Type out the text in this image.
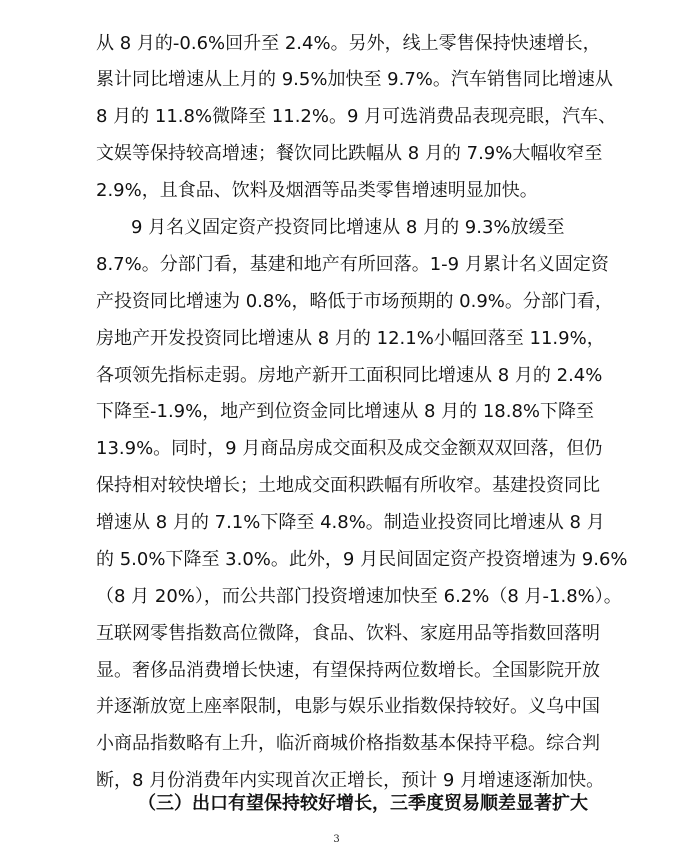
从 8 月的-0.6%回升至 2.4%。另外，线上零售保持快速增长，
累计同比增速从上月的 9.5%加快至 9.7%。汽车销售同比增速从
8 月的 11.8%微降至 11.2%。9 月可选消费品表现亮眼，汽车、
文娱等保持较高增速；餐饮同比跌幅从 8 月的 7.9%大幅收窄至
2.9%，且食品、饮料及烟酒等品类零售增速明显加快。
9 月名义固定资产投资同比增速从 8 月的 9.3%放缓至
8.7%。分部门看，基建和地产有所回落。1-9 月累计名义固定资
产投资同比增速为 0.8%，略低于市场预期的 0.9%。分部门看，
房地产开发投资同比增速从 8 月的 12.1%小幅回落至 11.9%，
各项领先指标走弱。房地产新开工面积同比增速从 8 月的 2.4%
下降至-1.9%，地产到位资金同比增速从 8 月的 18.8%下降至
13.9%。同时，9 月商品房成交面积及成交金额双双回落，但仍
保持相对较快增长；土地成交面积跌幅有所收窄。基建投资同比
增速从 8 月的 7.1%下降至 4.8%。制造业投资同比增速从 8 月
的 5.0%下降至 3.0%。此外，9 月民间固定资产投资增速为 9.6%
（8 月 20%），而公共部门投资增速加快至 6.2%（8 月-1.8%）。
互联网零售指数高位微降，食品、饮料、家庭用品等指数回落明
显。奢侈品消费增长快速，有望保持两位数增长。全国影院开放
并逐渐放宽上座率限制，电影与娱乐业指数保持较好。义乌中国
小商品指数略有上升，临沂商城价格指数基本保持平稳。综合判
断，8 月份消费年内实现首次正增长，预计 9 月增速逐渐加快。
（三）出口有望保持较好增长，三季度贸易顺差显著扩大
3
